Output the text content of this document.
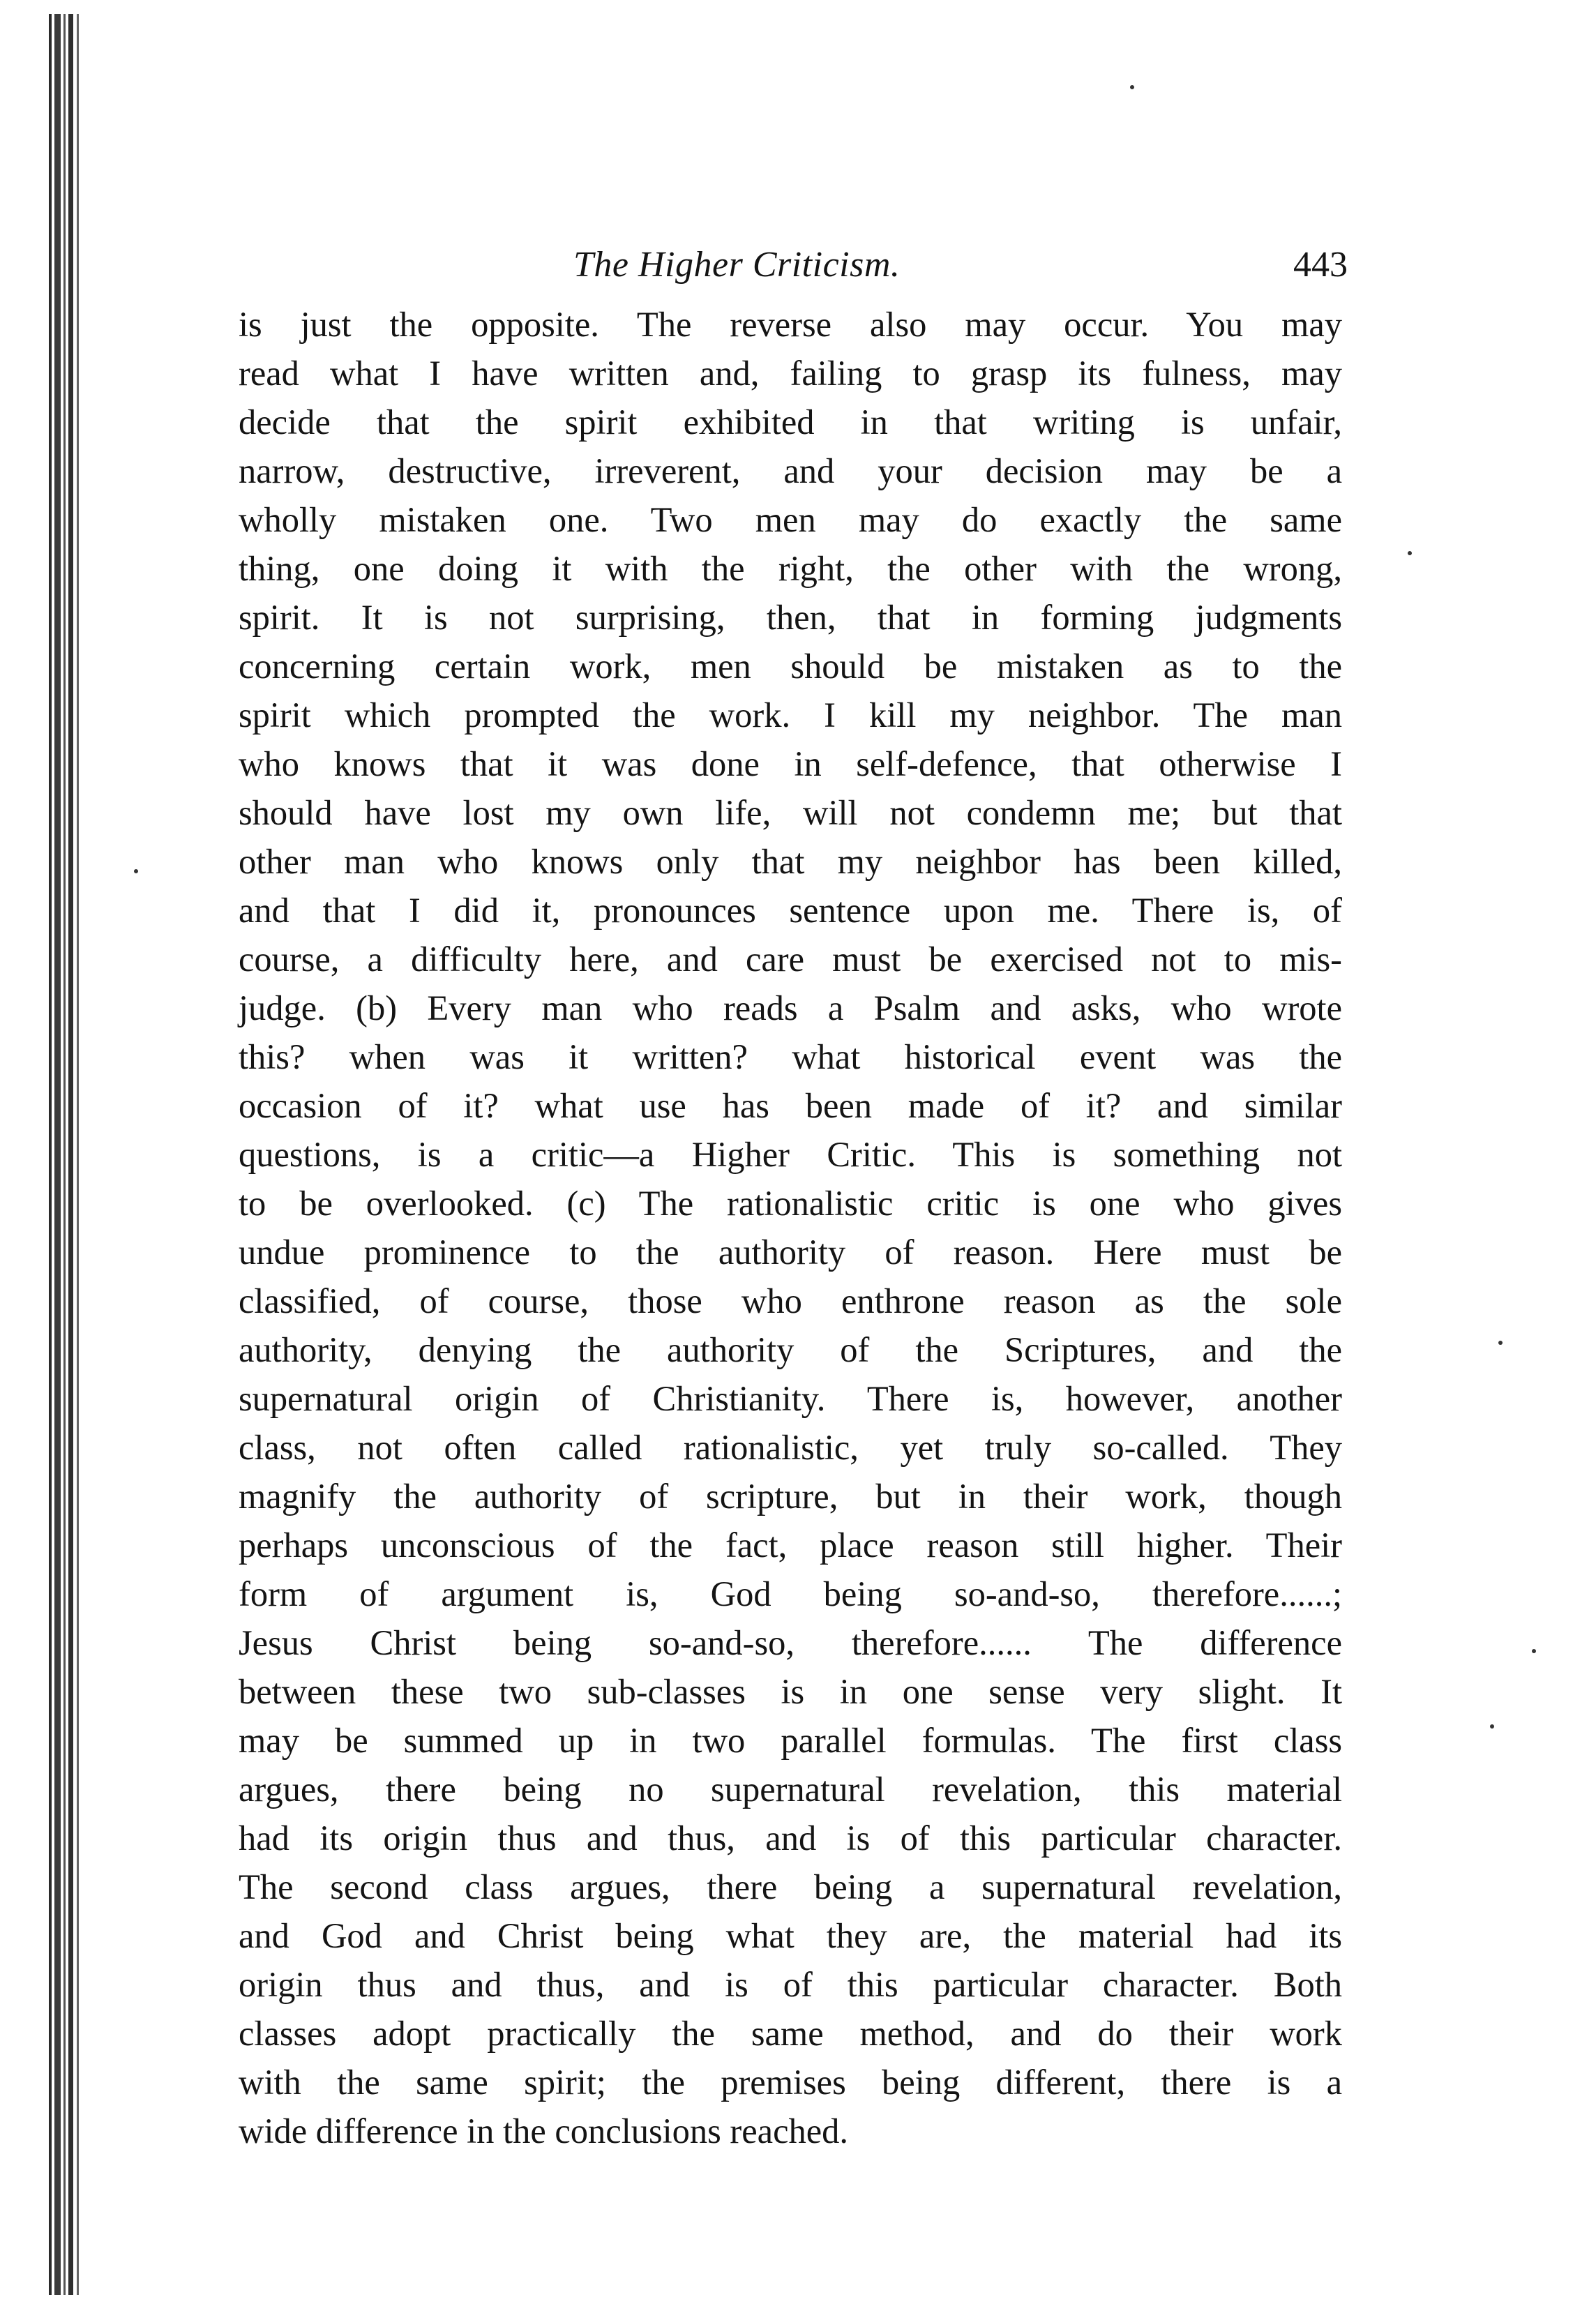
The Higher Criticism.	443
is just the opposite. The reverse also may occur. You may
read what I have written and, failing to grasp its fulness, may
decide that the spirit exhibited in that writing is unfair,
narrow, destructive, irreverent, and your decision may be a
wholly mistaken one. Two men may do exactly the same
thing, one doing it with the right, the other with the wrong,
spirit. It is not surprising, then, that in forming judgments
concerning certain work, men should be mistaken as to the
spirit which prompted the work. I kill my neighbor. The man
who knows that it was done in self-defence, that otherwise I
should have lost my own life, will not condemn me; but that
other man who knows only that my neighbor has been killed,
and that I did it, pronounces sentence upon me. There is, of
course, a difficulty here, and care must be exercised not to mis-
judge. (b) Every man who reads a Psalm and asks, who wrote
this? when was it written? what historical event was the
occasion of it? what use has been made of it? and similar
questions, is a critic—a Higher Critic. This is something not
to be overlooked. (c) The rationalistic critic is one who gives
undue prominence to the authority of reason. Here must be
classified, of course, those who enthrone reason as the sole
authority, denying the authority of the Scriptures, and the
supernatural origin of Christianity. There is, however, another
class, not often called rationalistic, yet truly so-called. They
magnify the authority of scripture, but in their work, though
perhaps unconscious of the fact, place reason still higher. Their
form of argument is, God being so-and-so, therefore......;
Jesus Christ being so-and-so, therefore...... The difference
between these two sub-classes is in one sense very slight. It
may be summed up in two parallel formulas. The first class
argues, there being no supernatural revelation, this material
had its origin thus and thus, and is of this particular character.
The second class argues, there being a supernatural revelation,
and God and Christ being what they are, the material had its
origin thus and thus, and is of this particular character. Both
classes adopt practically the same method, and do their work
with the same spirit; the premises being different, there is a
wide difference in the conclusions reached.
